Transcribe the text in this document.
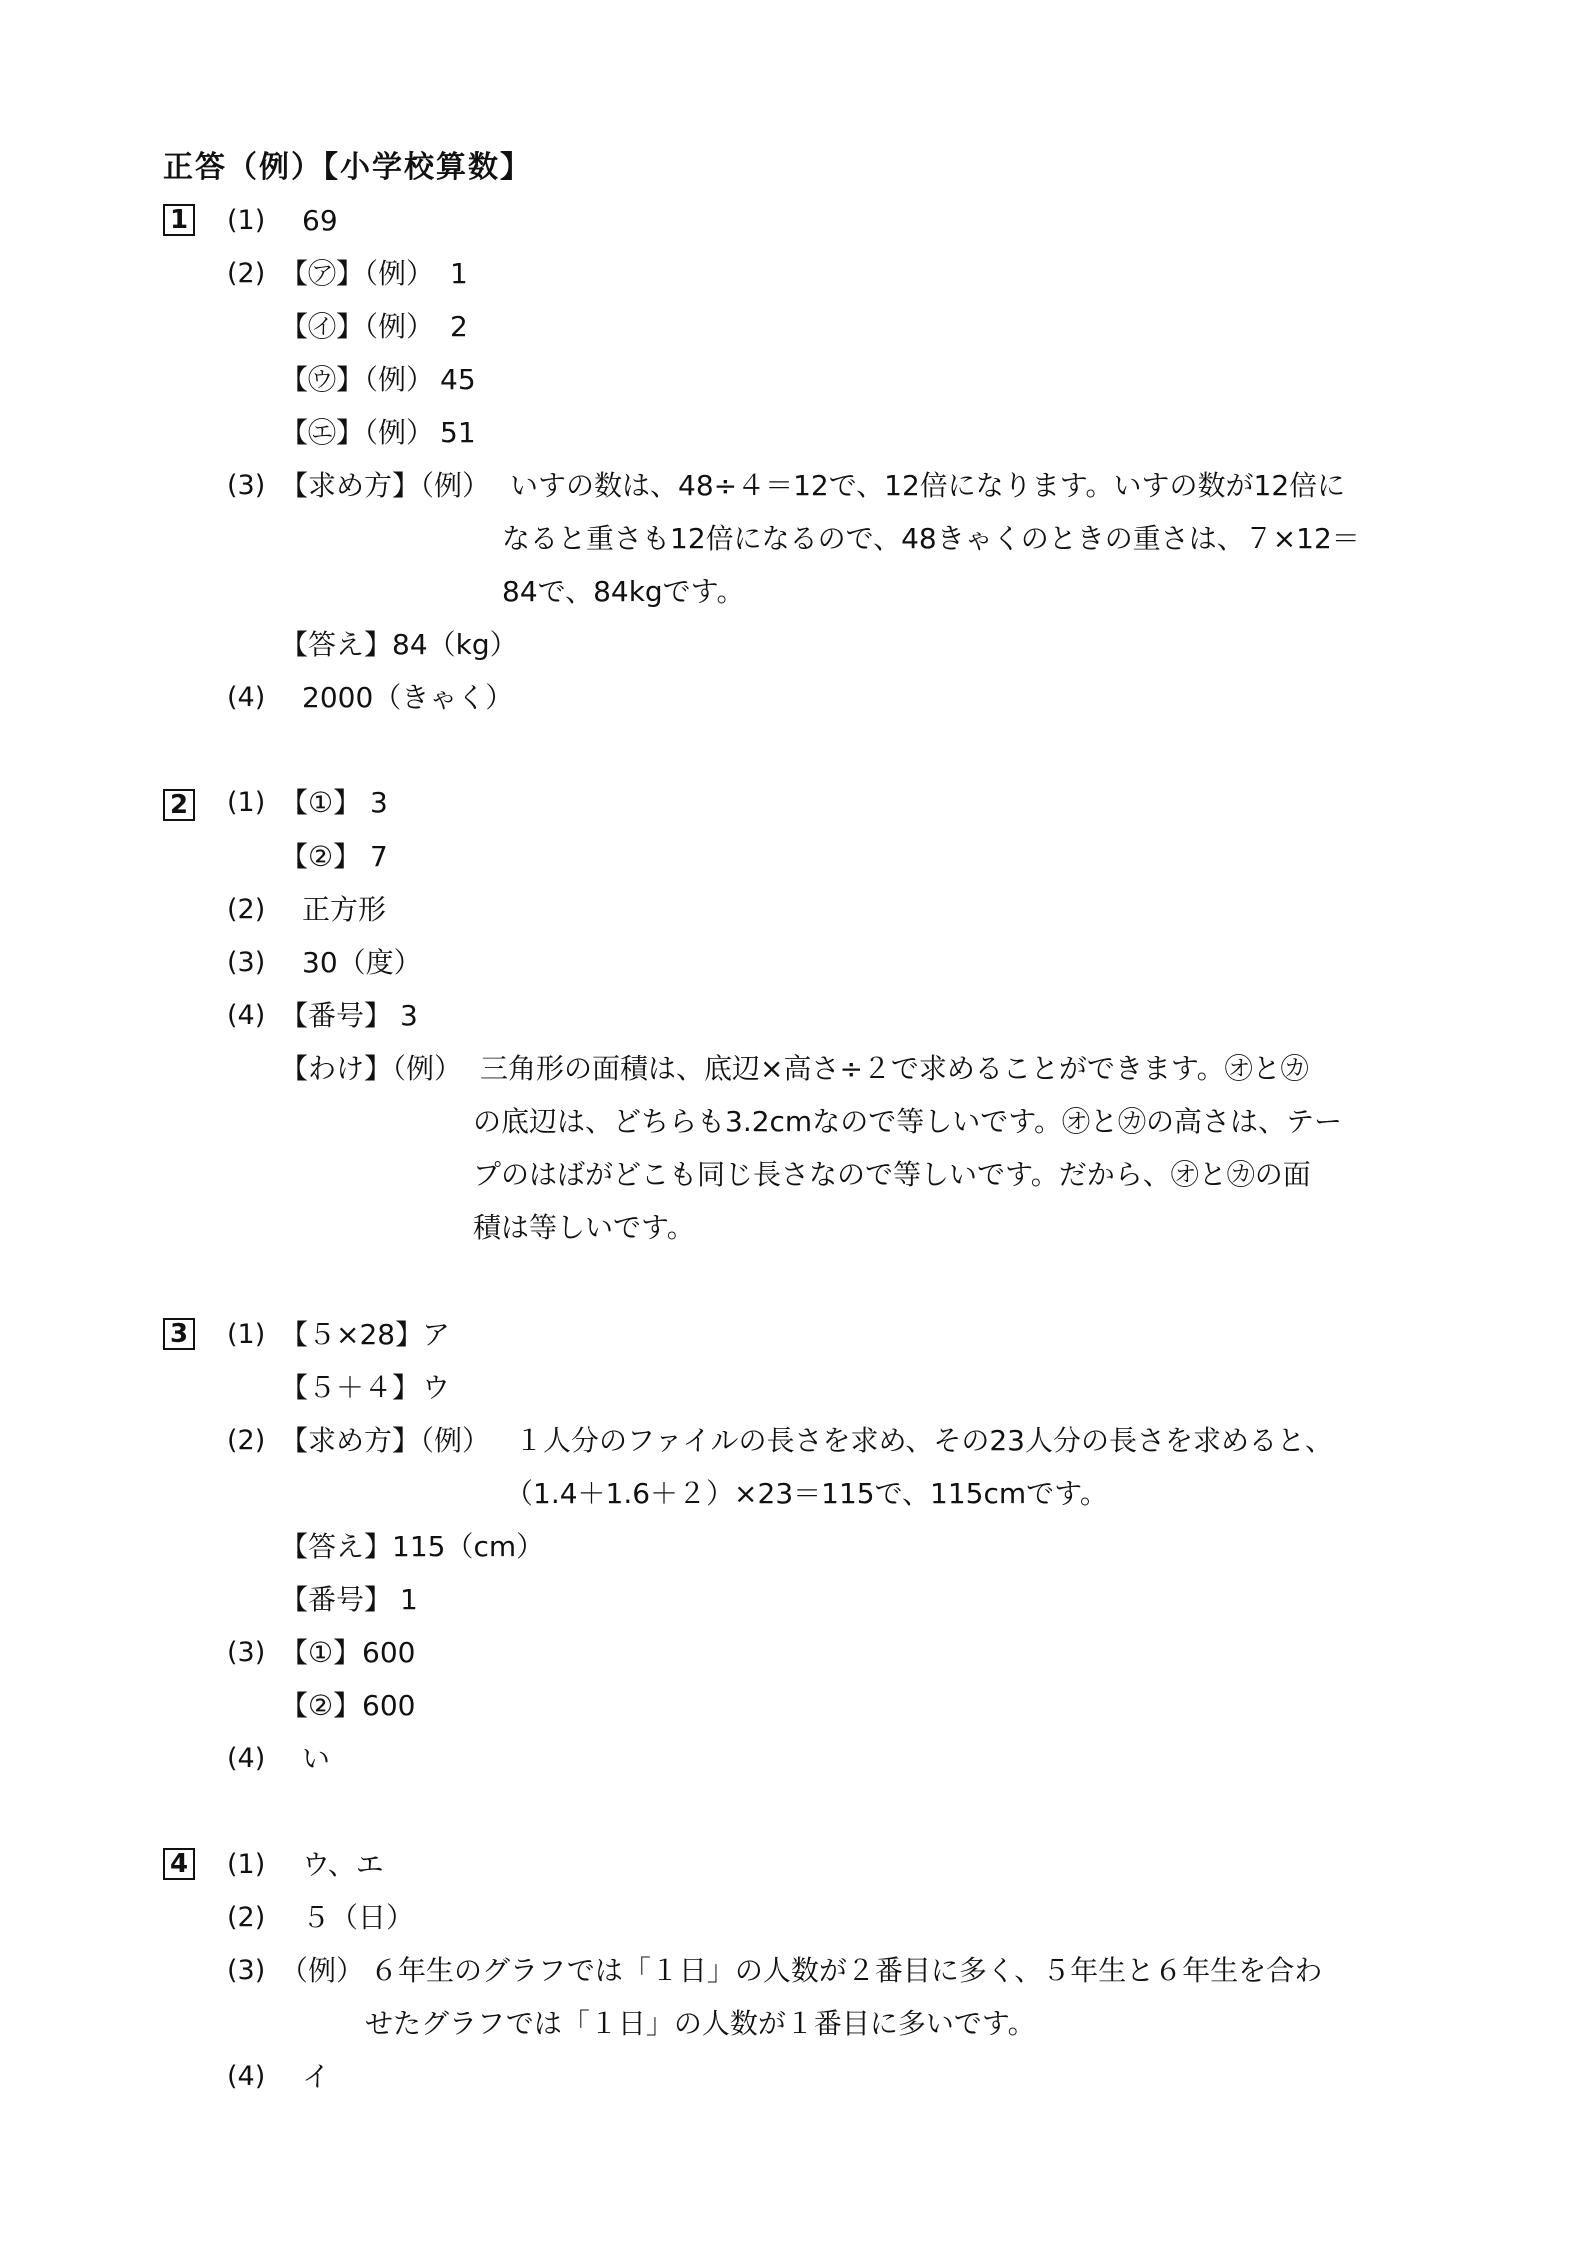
正答（例）【小学校算数】
1 (1) 69
(2) 【㋐】（例） 1
【㋑】（例） 2
【㋒】（例） 45
【㋓】（例） 51
(3) 【求め方】（例） いすの数は、48÷４＝12で、12倍になります。いすの数が12倍に
なると重さも12倍になるので、48きゃくのときの重さは、７×12＝
84で、84kgです。
【答え】 84（kg）
(4) 2000（きゃく）
2 (1) 【①】 3
【②】 7
(2) 正方形
(3) 30（度）
(4) 【番号】 3
【わけ】（例） 三角形の面積は、底辺×高さ÷２で求めることができます。㋔と㋕
の底辺は、どちらも3.2cmなので等しいです。㋔と㋕の高さは、テー
プのはばがどこも同じ長さなので等しいです。だから、㋔と㋕の面
積は等しいです。
3 (1) 【５×28】
ア
【５＋４】 ウ
(2) 【求め方】（例） １人分のファイルの長さを求め、その23人分の長さを求めると、
（1.4＋1.6＋２）×23＝115で、115cmです。
【答え】 115（cm）
【番号】 1
(3) 【①】 600
【②】 600
(4) い
4 (1) ウ、エ
(2) ５（日）
(3) （例） ６年生のグラフでは「１日」の人数が２番目に多く、５年生と６年生を合わ
せたグラフでは「１日」の人数が１番目に多いです。
(4) イ
